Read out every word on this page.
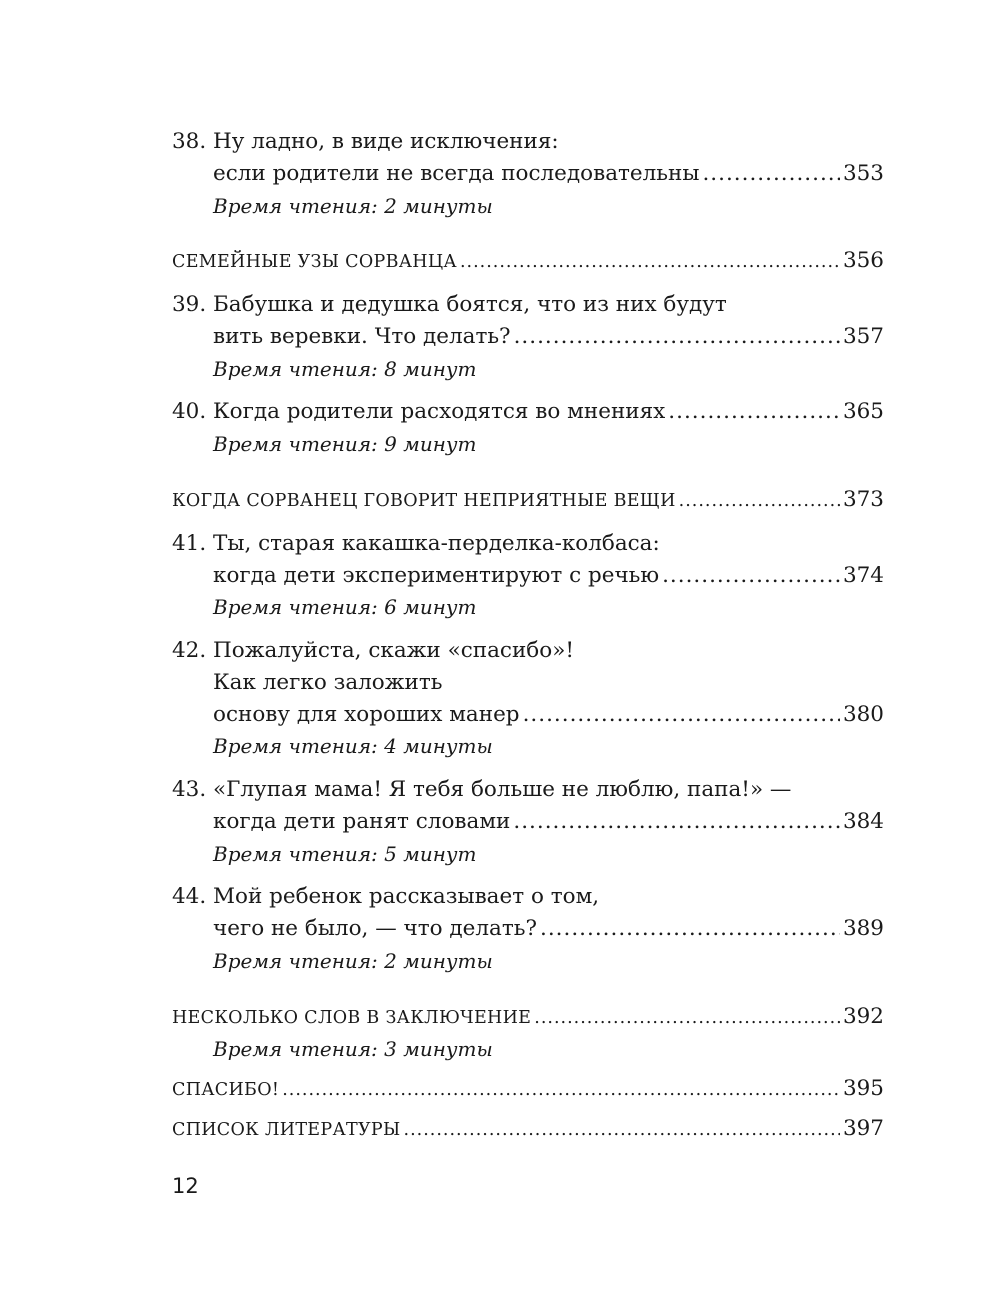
38. Ну ладно, в виде исключения:
если родители не всегда последовательны .....	353
Время чтения: 2 минуты
СЕМЕЙНЫЕ УЗЫ СОРВАНЦА .....	356
39. Бабушка и дедушка боятся, что из них будут
вить веревки. Что делать? .....	357
Время чтения: 8 минут
40. Когда родители расходятся во мнениях .....	365
Время чтения: 9 минут
КОГДА СОРВАНЕЦ ГОВОРИТ НЕПРИЯТНЫЕ ВЕЩИ .....	373
41. Ты, старая какашка-перделка-колбаса:
когда дети экспериментируют с речью .....	374
Время чтения: 6 минут
42. Пожалуйста, скажи «спасибо»!
Как легко заложить
основу для хороших манер .....	380
Время чтения: 4 минуты
43. «Глупая мама! Я тебя больше не люблю, папа!» —
когда дети ранят словами .....	384
Время чтения: 5 минут
44. Мой ребенок рассказывает о том,
чего не было, — что делать? .....	389
Время чтения: 2 минуты
НЕСКОЛЬКО СЛОВ В ЗАКЛЮЧЕНИЕ .....	392
Время чтения: 3 минуты
СПАСИБО! .....	395
СПИСОК ЛИТЕРАТУРЫ .....	397
12
